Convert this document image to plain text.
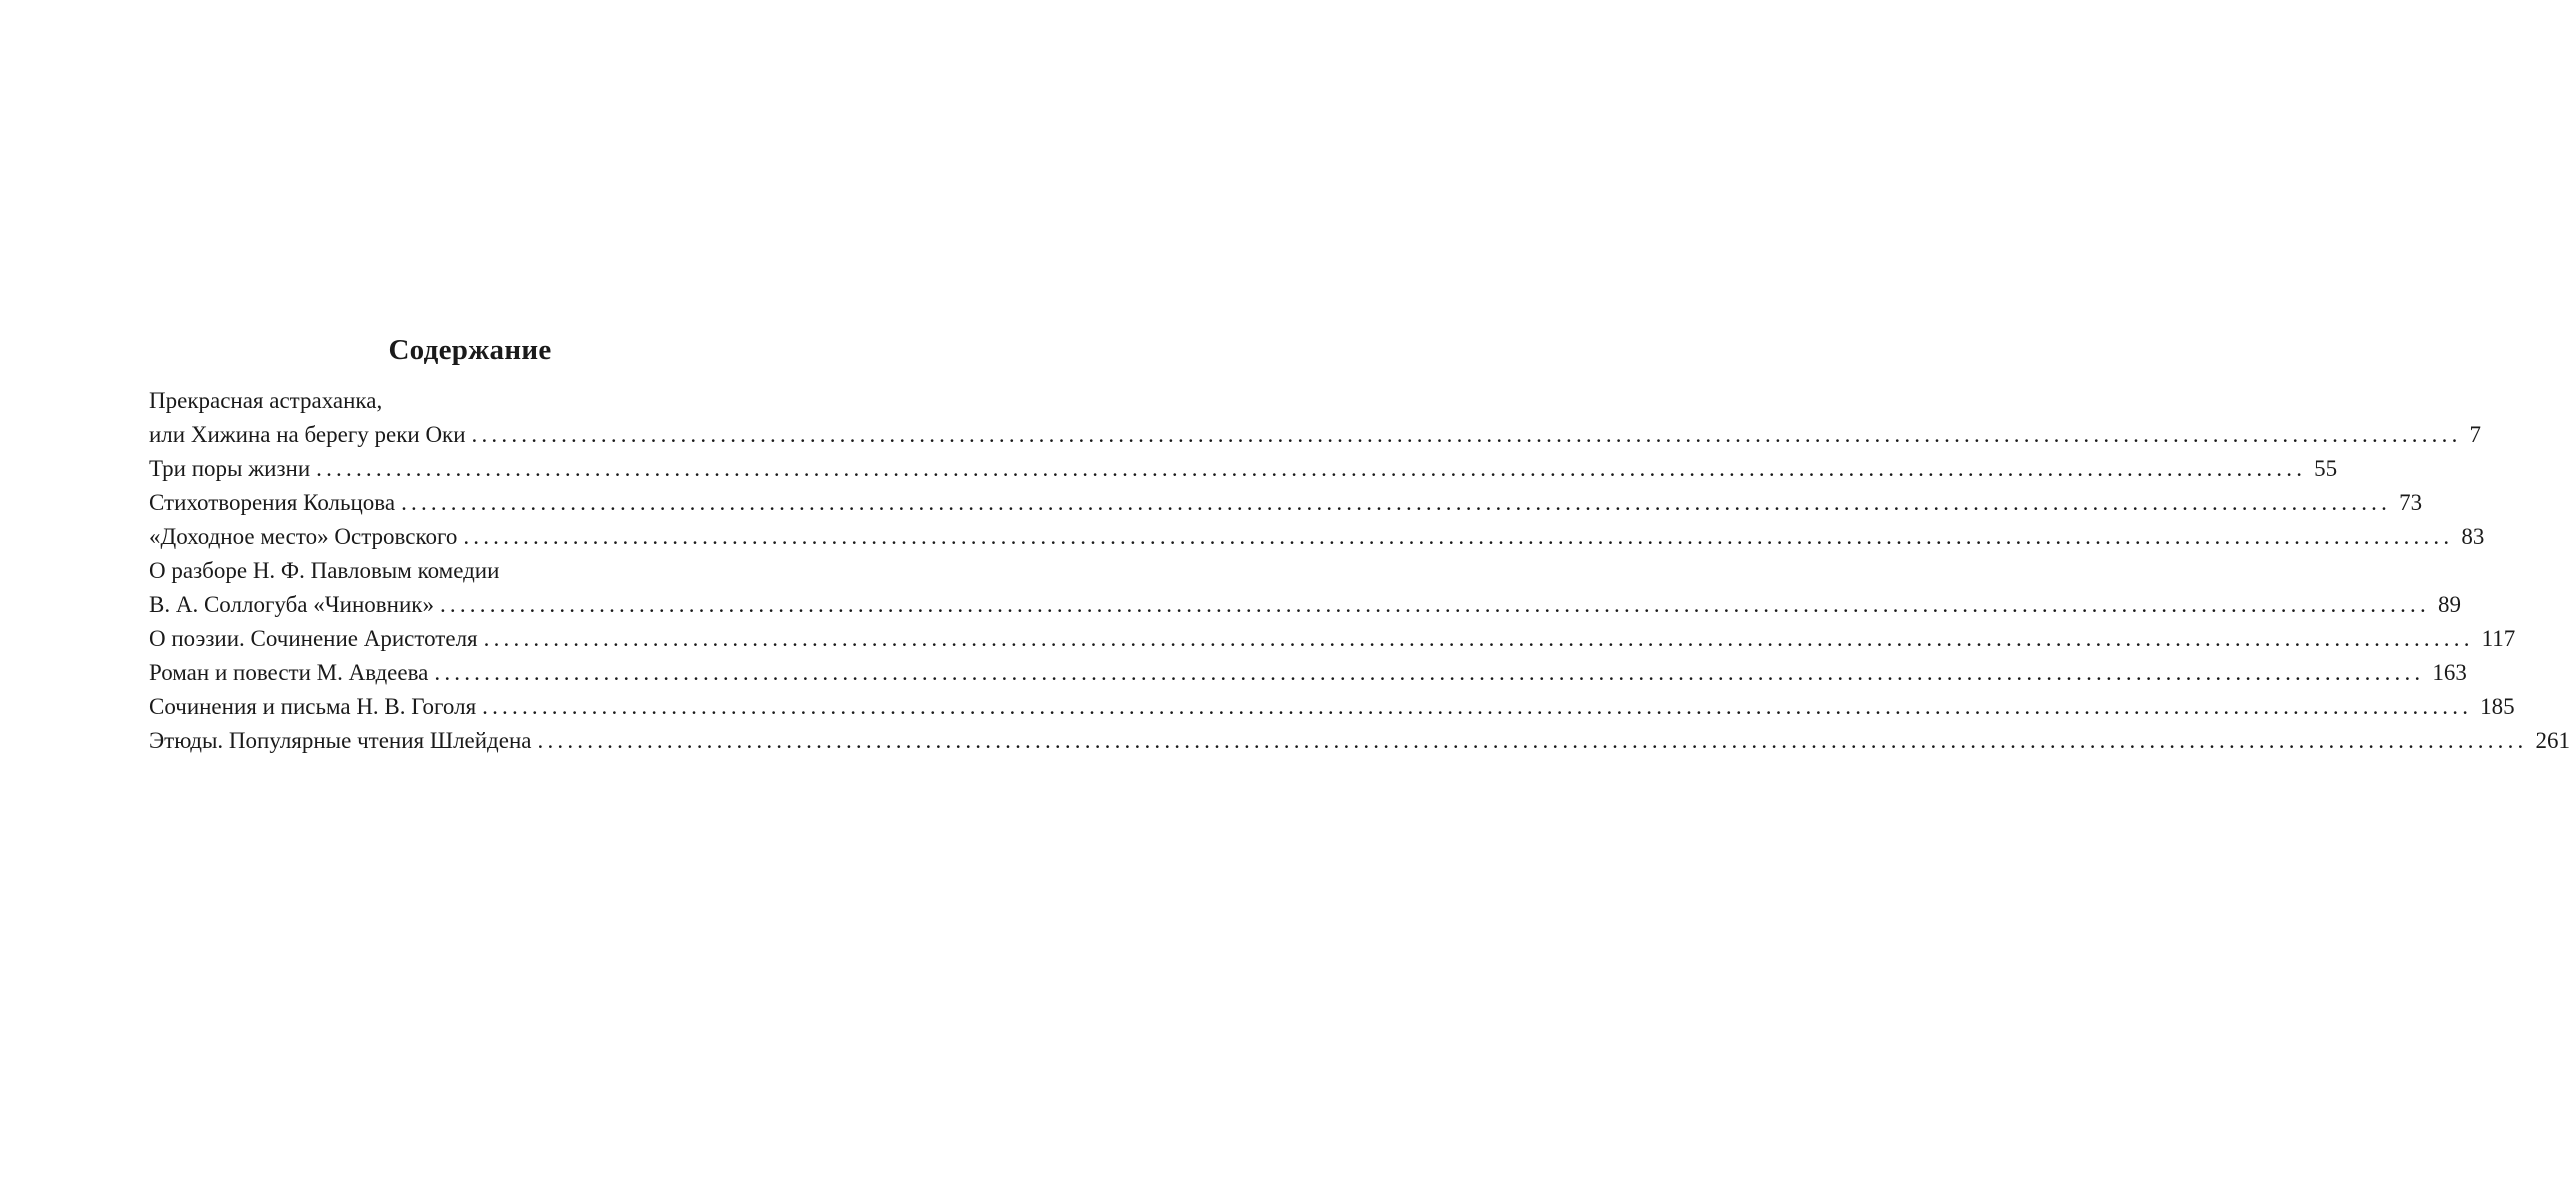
Содержание
Прекрасная астраханка,
или Хижина на берегу реки Оки ........................................................................................................................................................................................................ 7
Три поры жизни ........................................................................................................................................................................................................ 55
Стихотворения Кольцова ........................................................................................................................................................................................................ 73
«Доходное место» Островского ........................................................................................................................................................................................................ 83
О разборе Н. Ф. Павловым комедии
В. А. Соллогуба «Чиновник» ........................................................................................................................................................................................................ 89
О поэзии. Сочинение Аристотеля ........................................................................................................................................................................................................ 117
Роман и повести М. Авдеева ........................................................................................................................................................................................................ 163
Сочинения и письма Н. В. Гоголя ........................................................................................................................................................................................................ 185
Этюды. Популярные чтения Шлейдена ........................................................................................................................................................................................................ 261
